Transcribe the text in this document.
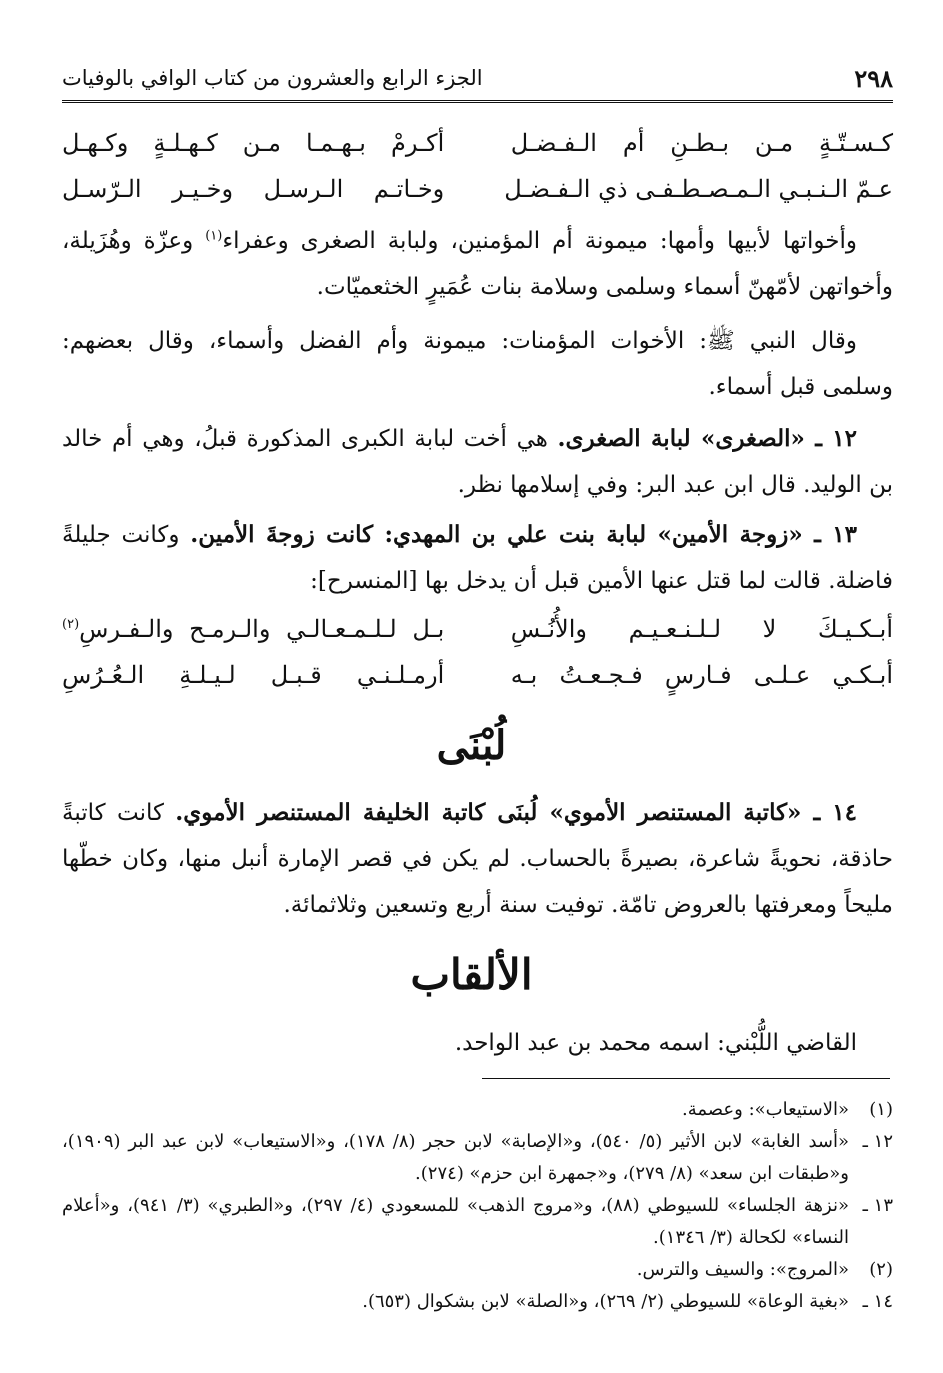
٢٩٨
الجزء الرابع والعشرون من كتاب الوافي بالوفيات
كـسـتّـةٍ مـن بـطـنِ أم الـفـضـل
أكـرمْ بـهـمـا مـن كـهـلـةٍ وكـهـل
عـمّ الـنـبـي الـمـصـطـفـى ذي الـفـضـل
وخـاتـم الـرسـل وخـيـر الـرّسـل

وأخواتها لأبيها وأمها: ميمونة أم المؤمنين، ولبابة الصغرى وعفراء$^{(١)}$ وعزّة وهُزَيلة، وأخواتهن لأمّهنّ أسماء وسلمى وسلامة بنات عُمَيرٍ الخثعميّات.

وقال النبي ﷺ: الأخوات المؤمنات: ميمونة وأم الفضل وأسماء، وقال بعضهم: وسلمى قبل أسماء.

١٢ ـ «الصغرى» لبابة الصغرى. هي أخت لبابة الكبرى المذكورة قبلُ، وهي أم خالد بن الوليد. قال ابن عبد البر: وفي إسلامها نظر.

١٣ ـ «زوجة الأمين» لبابة بنت علي بن المهدي: كانت زوجةَ الأمين. وكانت جليلةً فاضلة. قالت لما قتل عنها الأمين قبل أن يدخل بها [المنسرح]:

أبـكـيـكَ لا لـلـنـعـيـم والأُنُـسِ
بـل لـلـمـعـالـي والـرمـح والـفـرسِ$^{(٢)}$
أبـكـي عـلـى فـارسٍ فـجـعـتُ بـه
أرمـلـنـي قـبـل لـيـلـةِ الـعُـرُسِ
لُبْنَى

١٤ ـ «كاتبة المستنصر الأموي» لُبنَى كاتبة الخليفة المستنصر الأموي. كانت كاتبةً حاذقة، نحويةً شاعرة، بصيرةً بالحساب. لم يكن في قصر الإمارة أنبل منها، وكان خطّها مليحاً ومعرفتها بالعروض تامّة. توفيت سنة أربع وتسعين وثلاثمائة.

الألقاب

القاضي اللُّبْني: اسمه محمد بن عبد الواحد.

(١)
«الاستيعاب»: وعصمة.
١٢ ـ
«أسد الغابة» لابن الأثير (٥/ ٥٤٠)، و«الإصابة» لابن حجر (٨/ ١٧٨)، و«الاستيعاب» لابن عبد البر (١٩٠٩)، و«طبقات ابن سعد» (٨/ ٢٧٩)، و«جمهرة ابن حزم» (٢٧٤).
١٣ ـ
«نزهة الجلساء» للسيوطي (٨٨)، و«مروج الذهب» للمسعودي (٤/ ٢٩٧)، و«الطبري» (٣/ ٩٤١)، و«أعلام النساء» لكحالة (٣/ ١٣٤٦).
(٢)
«المروج»: والسيف والترس.
١٤ ـ
«بغية الوعاة» للسيوطي (٢/ ٢٦٩)، و«الصلة» لابن بشكوال (٦٥٣).
